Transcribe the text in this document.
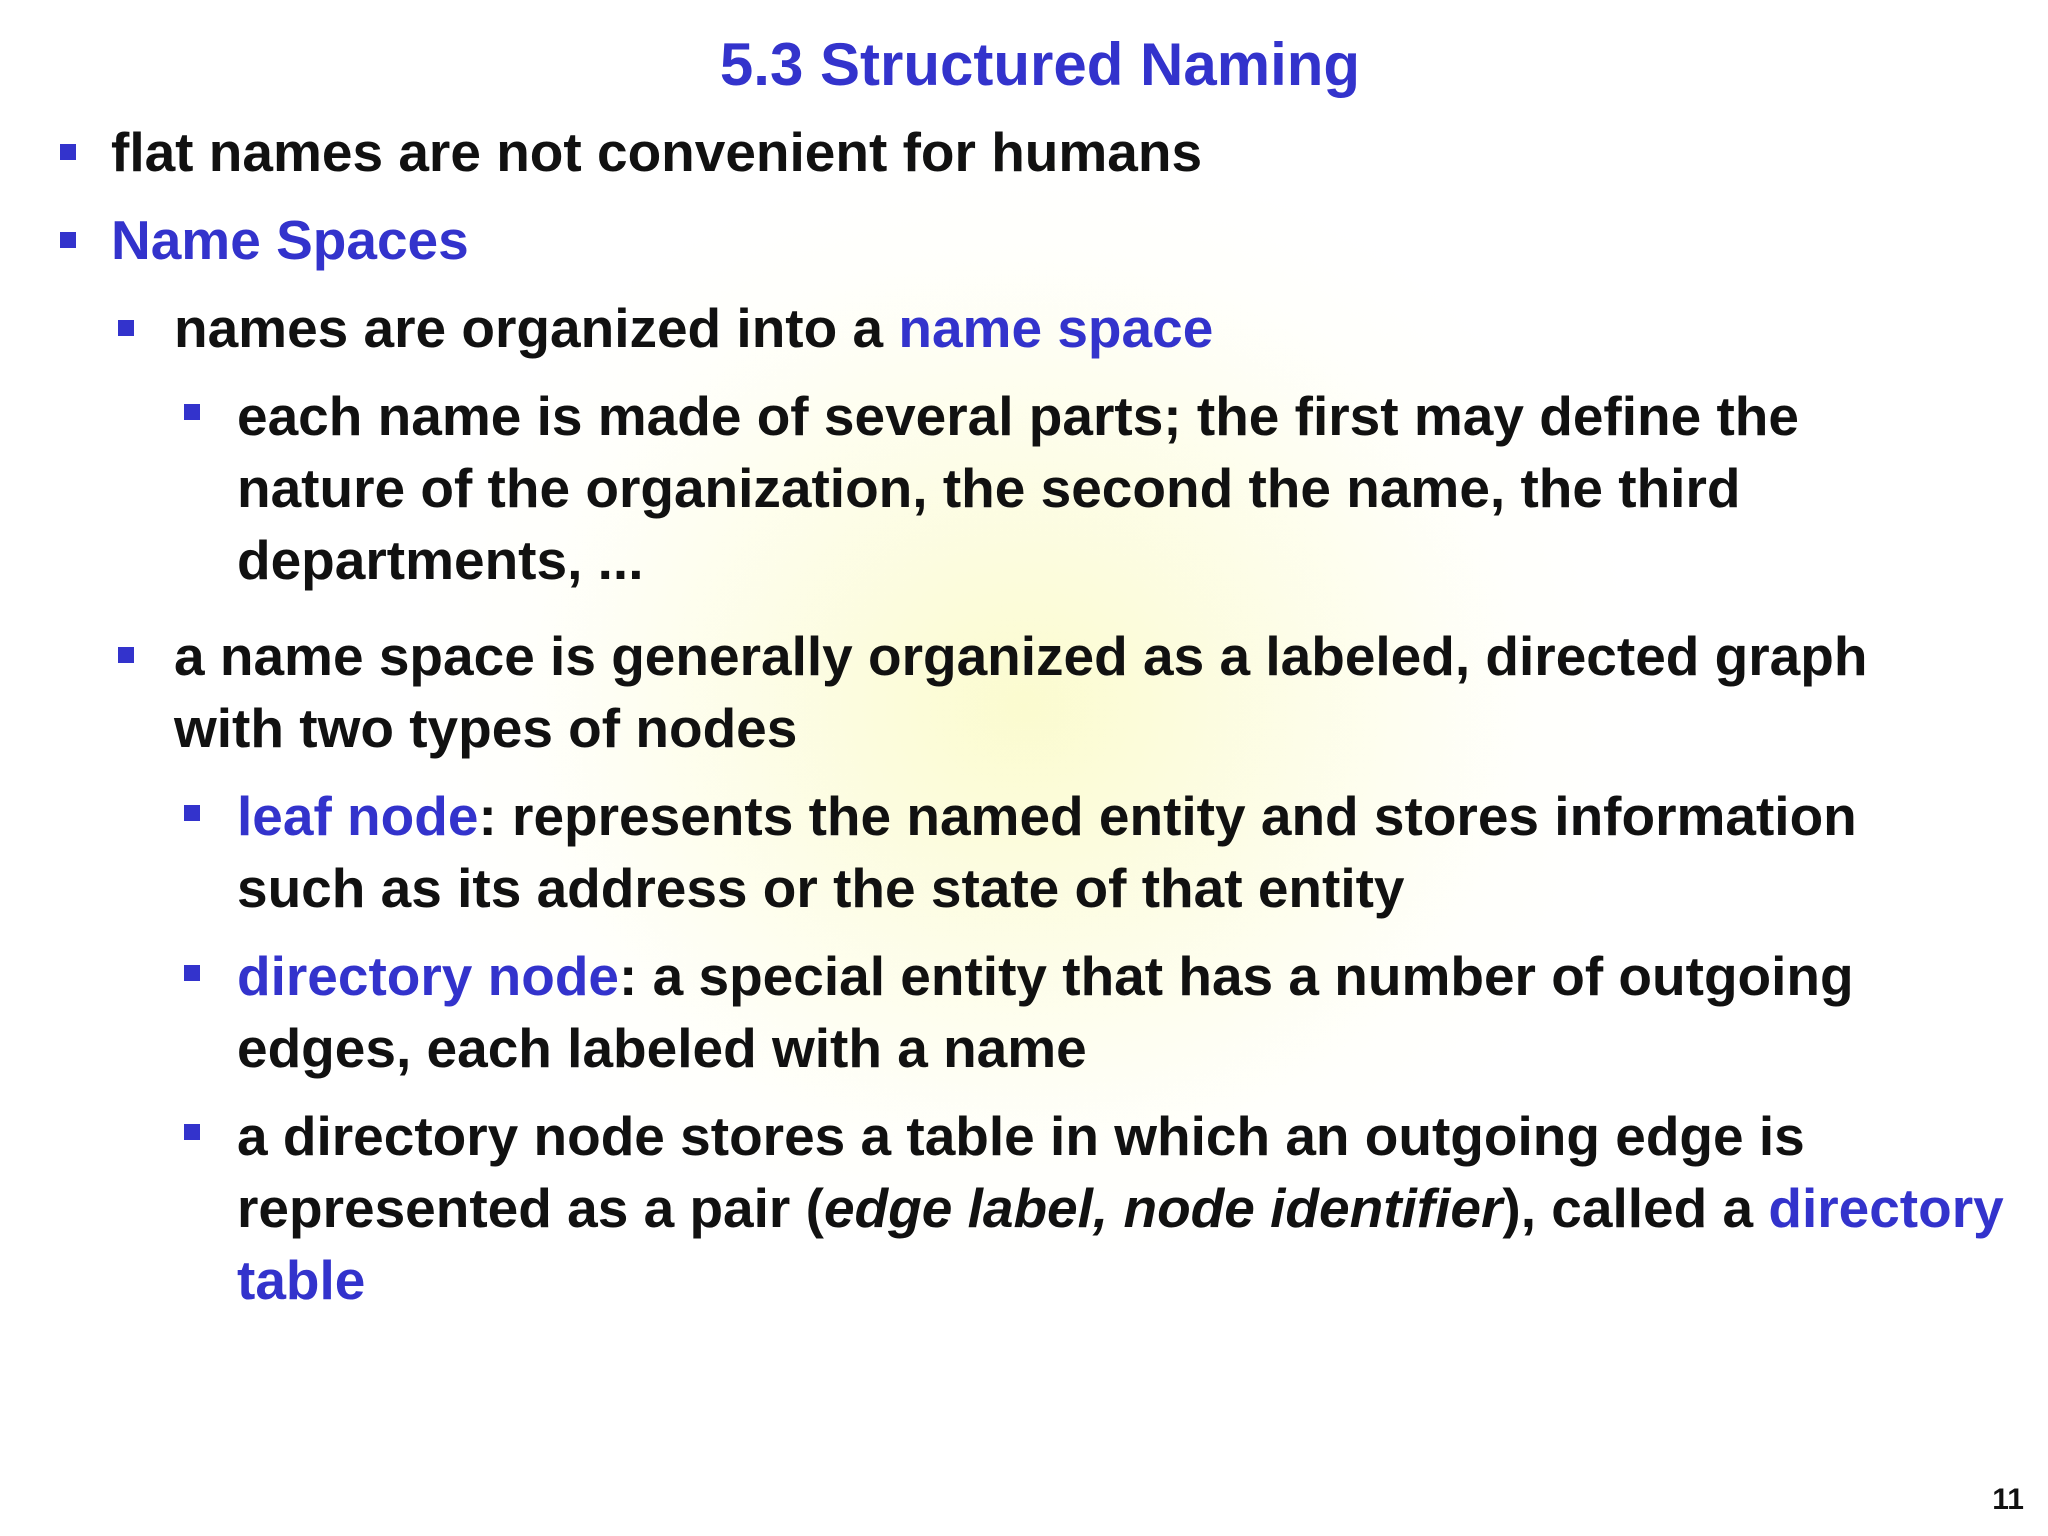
5.3 Structured Naming
flat names are not convenient for humans
Name Spaces
names are organized into a name space
each name is made of several parts; the first may define the nature of the organization, the second the name, the third departments, ...
a name space is generally organized as a labeled, directed graph with two types of nodes
leaf node: represents the named entity and stores information such as its address or the state of that entity
directory node: a special entity that has a number of outgoing edges, each labeled with a name
a directory node stores a table in which an outgoing edge is represented as a pair (edge label, node identifier), called a directory table
11
